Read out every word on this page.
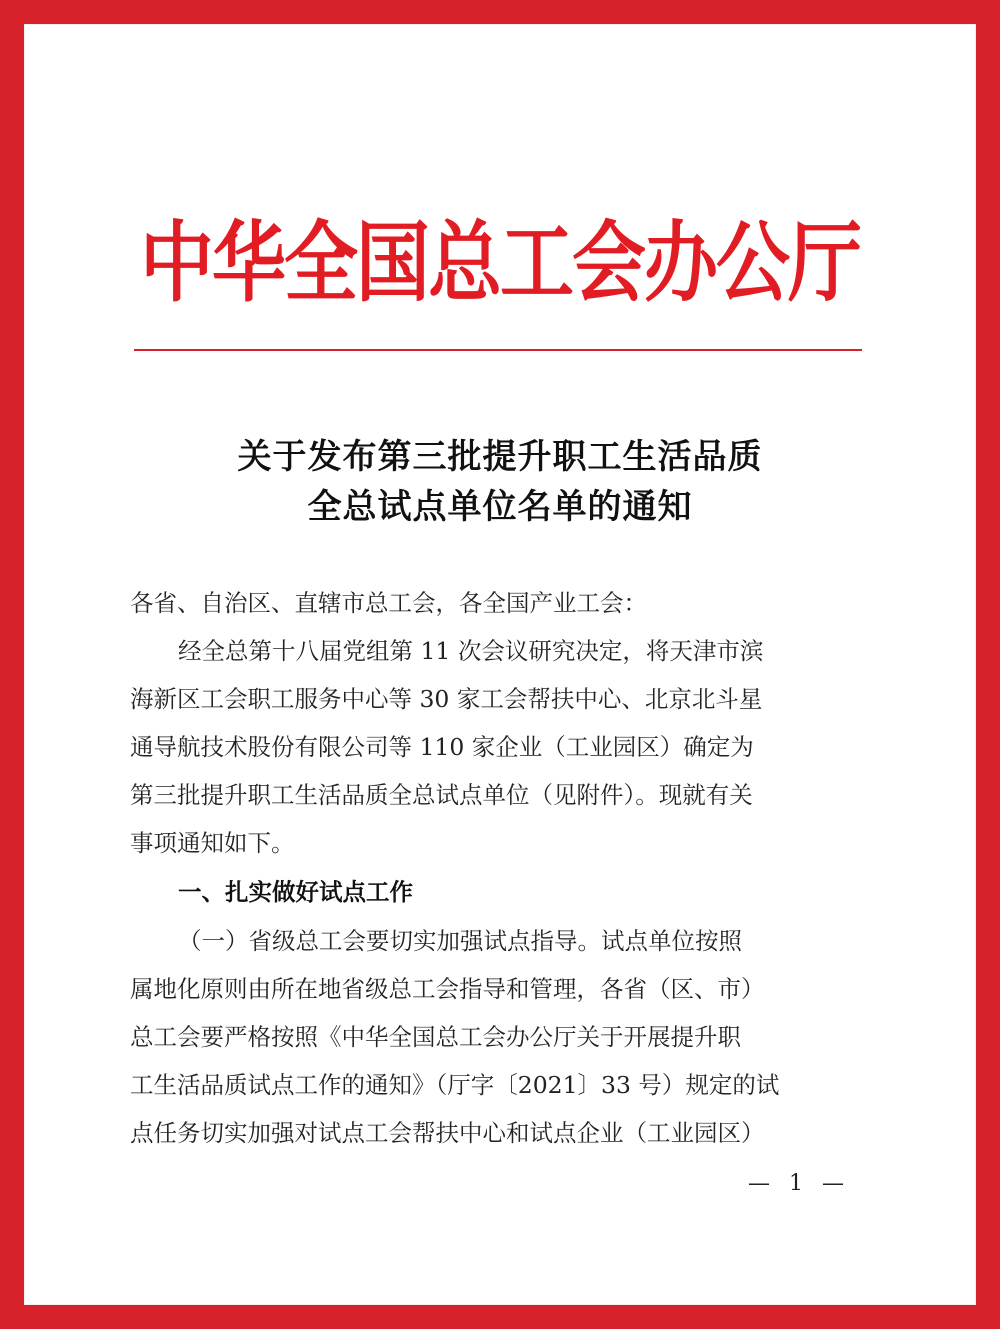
中华全国总工会办公厅
关于发布第三批提升职工生活品质
全总试点单位名单的通知
各省、自治区、直辖市总工会，各全国产业工会：
经全总第十八届党组第 11 次会议研究决定，将天津市滨
海新区工会职工服务中心等 30 家工会帮扶中心、北京北斗星
通导航技术股份有限公司等 110 家企业（工业园区）确定为
第三批提升职工生活品质全总试点单位（见附件）。现就有关
事项通知如下。
一、扎实做好试点工作
（一）省级总工会要切实加强试点指导。试点单位按照
属地化原则由所在地省级总工会指导和管理，各省（区、市）
总工会要严格按照《中华全国总工会办公厅关于开展提升职
工生活品质试点工作的通知》（厅字〔2021〕33 号）规定的试
点任务切实加强对试点工会帮扶中心和试点企业（工业园区）
— 1 —
